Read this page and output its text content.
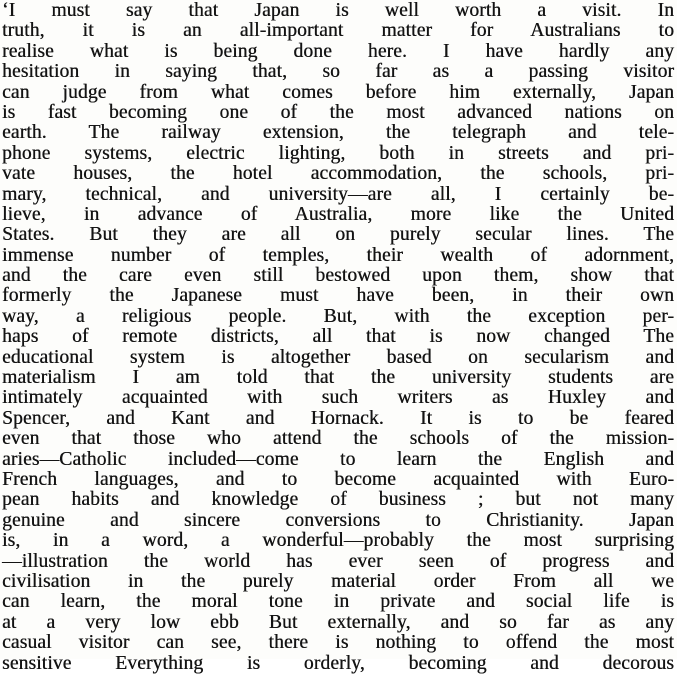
‘I must say that Japan is well worth a visit. In
truth, it is an all-important matter for Australians to
realise what is being done here. I have hardly any
hesitation in saying that, so far as a passing visitor
can judge from what comes before him externally, Japan
is fast becoming one of the most advanced nations on
earth. The railway extension, the telegraph and tele-
phone systems, electric lighting, both in streets and pri-
vate houses, the hotel accommodation, the schools, pri-
mary, technical, and university—are all, I certainly be-
lieve, in advance of Australia, more like the United
States. But they are all on purely secular lines. The
immense number of temples, their wealth of adornment,
and the care even still bestowed upon them, show that
formerly the Japanese must have been, in their own
way, a religious people. But, with the exception per-
haps of remote districts, all that is now changed The
educational system is altogether based on secularism and
materialism I am told that the university students are
intimately acquainted with such writers as Huxley and
Spencer, and Kant and Hornack. It is to be feared
even that those who attend the schools of the mission-
aries—Catholic included—come to learn the English and
French languages, and to become acquainted with Euro-
pean habits and knowledge of business ; but not many
genuine and sincere conversions to Christianity. Japan
is, in a word, a wonderful—probably the most surprising
—illustration the world has ever seen of progress and
civilisation in the purely material order From all we
can learn, the moral tone in private and social life is
at a very low ebb But externally, and so far as any
casual visitor can see, there is nothing to offend the most
sensitive Everything is orderly, becoming and decorous
